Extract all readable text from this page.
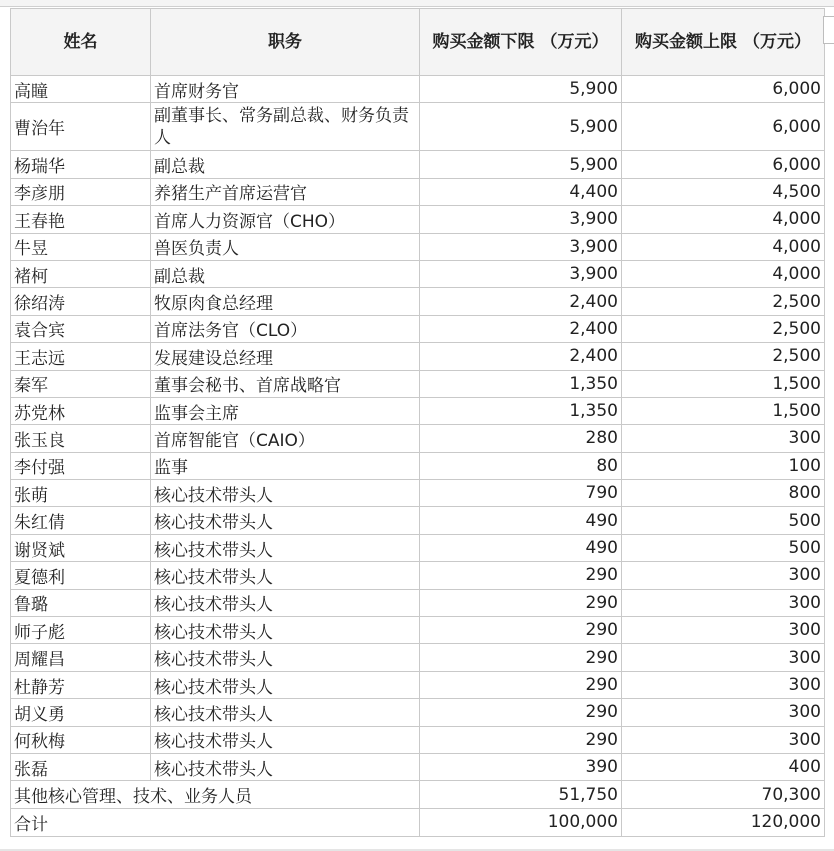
姓名	职务	购买金额下限 （万元）	购买金额上限 （万元）
高瞳	首席财务官	5,900	6,000
曹治年	副董事长、常务副总裁、财务负责人	5,900	6,000
杨瑞华	副总裁	5,900	6,000
李彦朋	养猪生产首席运营官	4,400	4,500
王春艳	首席人力资源官（CHO）	3,900	4,000
牛昱	兽医负责人	3,900	4,000
褚柯	副总裁	3,900	4,000
徐绍涛	牧原肉食总经理	2,400	2,500
袁合宾	首席法务官（CLO）	2,400	2,500
王志远	发展建设总经理	2,400	2,500
秦军	董事会秘书、首席战略官	1,350	1,500
苏党林	监事会主席	1,350	1,500
张玉良	首席智能官（CAIO）	280	300
李付强	监事	80	100
张萌	核心技术带头人	790	800
朱红倩	核心技术带头人	490	500
谢贤斌	核心技术带头人	490	500
夏德利	核心技术带头人	290	300
鲁璐	核心技术带头人	290	300
师子彪	核心技术带头人	290	300
周耀昌	核心技术带头人	290	300
杜静芳	核心技术带头人	290	300
胡义勇	核心技术带头人	290	300
何秋梅	核心技术带头人	290	300
张磊	核心技术带头人	390	400
其他核心管理、技术、业务人员		51,750	70,300
合计		100,000	120,000
